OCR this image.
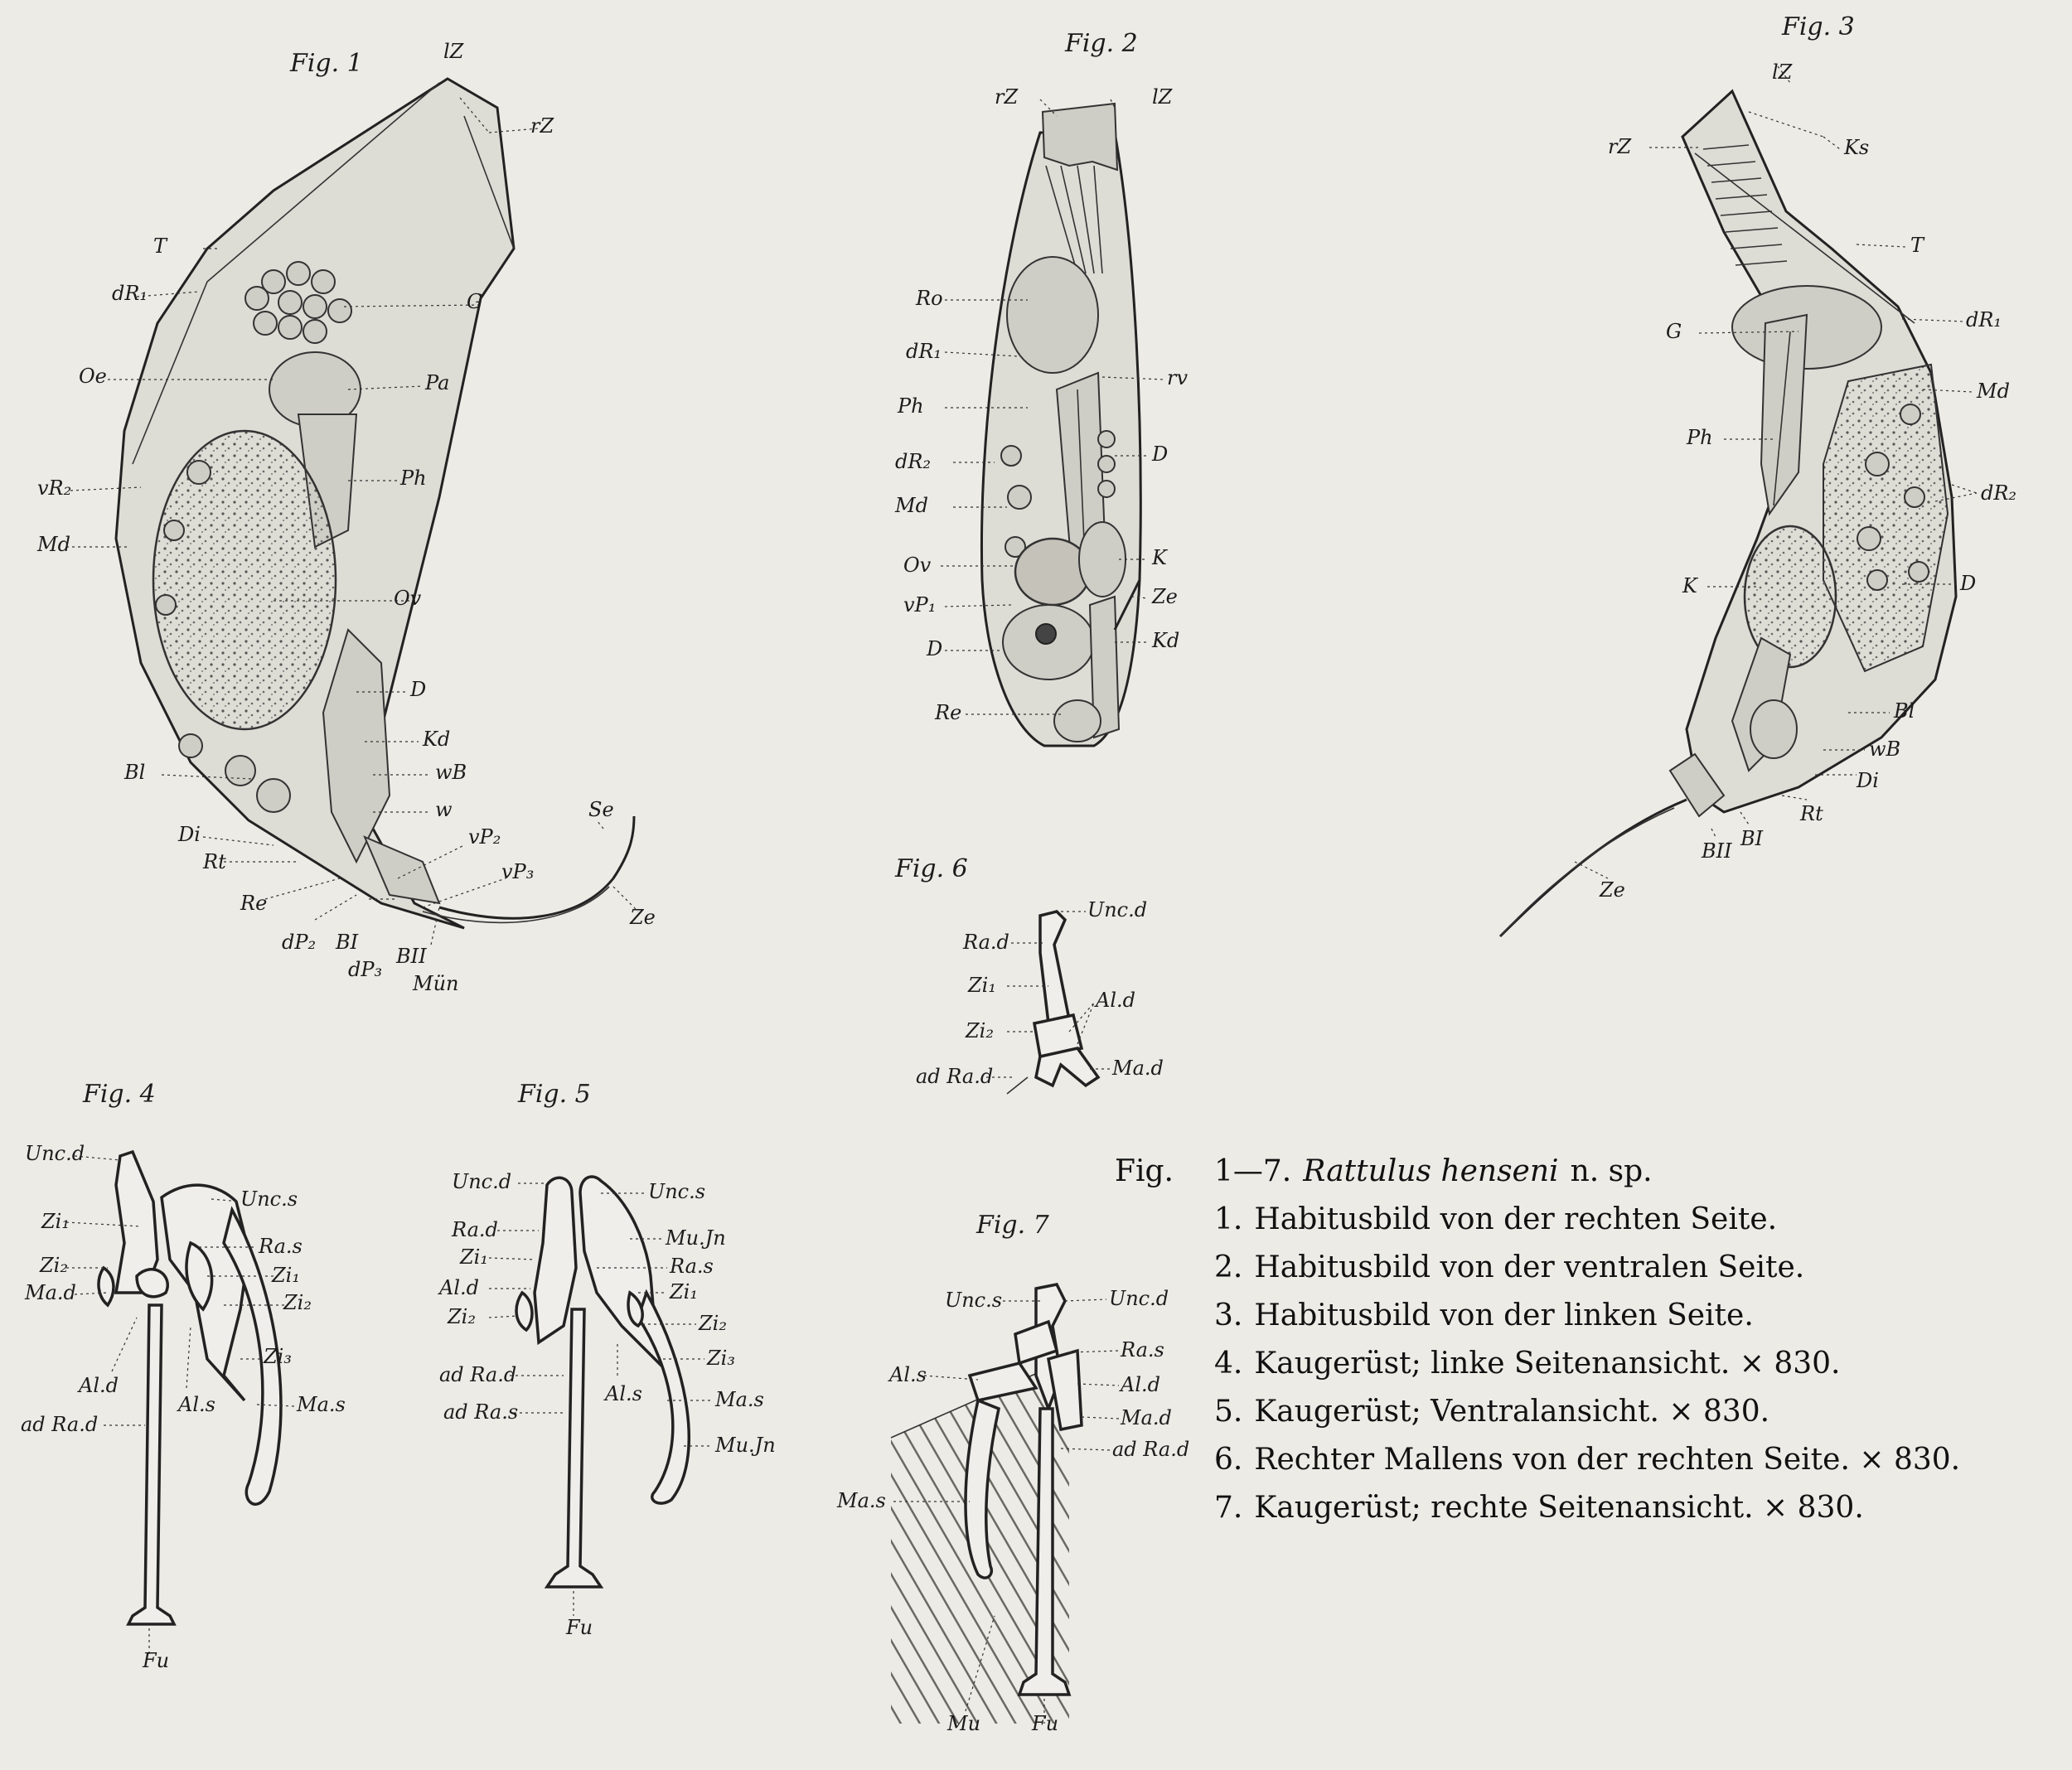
Fig. 1	lZ
rZ
T
dR₁	G
Oe	Pa
vR₂	Ph
Md
Ov
D
Kd
Bl	wB
w
Di
Rt
vP₂
Se
vP₃
Re
Ze
dP₂ BI
BII
dP₃
Mün
Fig. 2
rZ	lZ
Ro
dR₁
rv
Ph
dR₂	D
Md
Ov	K
vP₁	Ze
Kd
D
Re
Fig. 3
lZ
rZ	Ks
T
dR₁
G
Md
Ph
dR₂
K	D
Bl
wB
Di
Rt
BI
BII
Ze
Fig. 4
Unc.d
Unc.s
Zi₁
Ra.s
Zi₂	Zi₁
Ma.d	Zi₂
Zi₃
Al.d
Al.s	Ma.s
ad Ra.d
Fu
Fig. 5
Unc.d	Unc.s
Ra.d	Mu.Jn
Zi₁	Ra.s
Al.d	Zi₁
Zi₂	Zi₂
ad Ra.d
Zi₃
Al.s
ad Ra.s
Ma.s
Mu.Jn
Fu
Fig. 6
Unc.d
Ra.d
Zi₁
Al.d
Zi₂
ad Ra.d	Ma.d
Fig. 7
Unc.s	Unc.d
Ra.s
Al.s	Al.d
Ma.d
ad Ra.d
Ma.s
Mu	Fu
Fig.	1—7. Rattulus henseni n. sp.
1. Habitusbild von der rechten Seite.
2. Habitusbild von der ventralen Seite.
3. Habitusbild von der linken Seite.
4. Kaugerüst; linke Seitenansicht. × 830.
5. Kaugerüst; Ventralansicht. × 830.
6. Rechter Mallens von der rechten Seite. × 830.
7. Kaugerüst; rechte Seitenansicht. × 830.
